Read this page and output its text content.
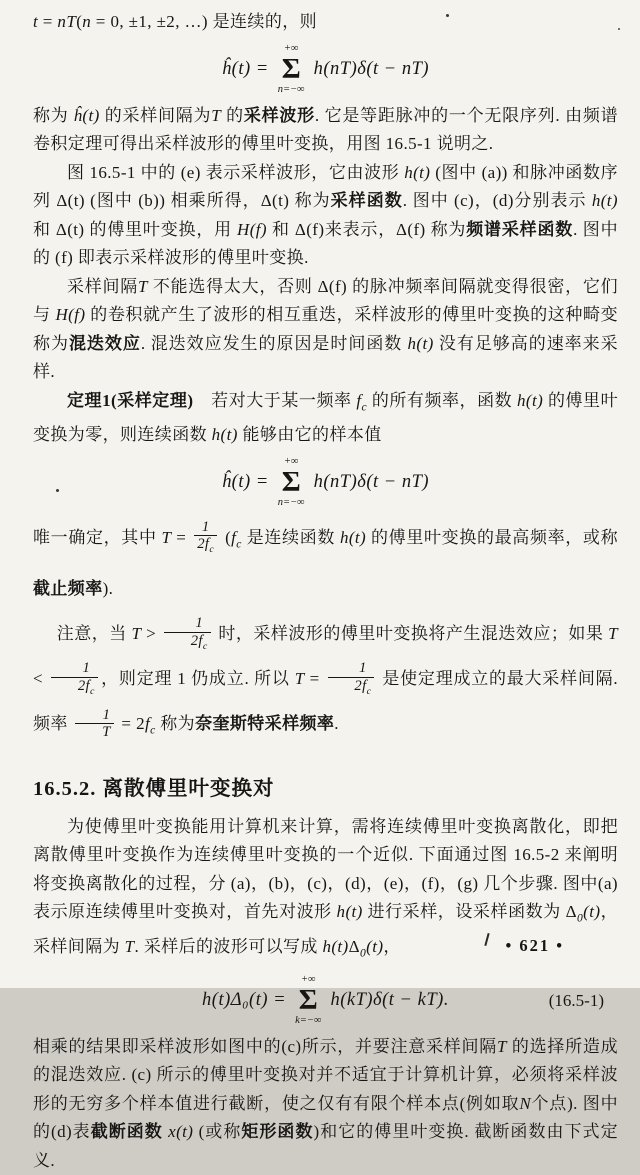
t = nT(n = 0, ±1, ±2, …) 是连续的，则

ĥ(t) =
+∞
Σ
n=−∞
h(nT)δ(t − nT)

称为 ĥ(t) 的采样间隔为T 的采样波形. 它是等距脉冲的一个无限序列. 由频谱卷积定理可得出采样波形的傅里叶变换，用图 16.5-1 说明之.

图 16.5-1 中的 (e) 表示采样波形，它由波形 h(t) (图中 (a)) 和脉冲函数序列 Δ(t) (图中 (b)) 相乘所得，Δ(t) 称为采样函数. 图中 (c)，(d)分别表示 h(t) 和 Δ(t) 的傅里叶变换，用 H(f) 和 Δ(f)来表示，Δ(f) 称为频谱采样函数. 图中的 (f) 即表示采样波形的傅里叶变换.

采样间隔T 不能选得太大，否则 Δ(f) 的脉冲频率间隔就变得很密，它们与 H(f) 的卷积就产生了波形的相互重迭，采样波形的傅里叶变换的这种畸变称为混迭效应. 混迭效应发生的原因是时间函数 h(t) 没有足够高的速率来采样.

定理1(采样定理)　若对大于某一频率 $f_c$ 的所有频率，函数 h(t) 的傅里叶变换为零，则连续函数 h(t) 能够由它的样本值

ĥ(t) =
+∞
Σ
n=−∞
h(nT)δ(t − nT)

唯一确定，其中 $T = \frac{1}{2f_c} (f_c$ 是连续函数 h(t) 的傅里叶变换的最高频率，或称截止频率).

注意，当 $T > \frac{1}{2f_c}$ 时，采样波形的傅里叶变换将产生混迭效应；如果 $T < \frac{1}{2f_c}$ ，则定理 1 仍成立. 所以 $T = \frac{1}{2f_c}$ 是使定理成立的最大采样间隔. 频率 $\frac{1}{T} = 2f_c$ 称为奈奎斯特采样频率.

16.5.2. 离散傅里叶变换对

为使傅里叶变换能用计算机来计算，需将连续傅里叶变换离散化，即把离散傅里叶变换作为连续傅里叶变换的一个近似. 下面通过图 16.5-2 来阐明将变换离散化的过程，分 (a)，(b)，(c)，(d)，(e)，(f)，(g) 几个步骤. 图中(a)表示原连续傅里叶变换对，首先对波形 h(t) 进行采样，设采样函数为 $\Delta_0(t)$，采样间隔为 T. 采样后的波形可以写成 $h(t)\Delta_0(t)$，

h(t)Δ₀(t) =
+∞
Σ
k=−∞
h(kT)δ(t − kT).	(16.5-1)

相乘的结果即采样波形如图中的(c)所示，并要注意采样间隔T 的选择所造成的混迭效应. (c) 所示的傅里叶变换对并不适宜于计算机计算，必须将采样波形的无穷多个样本值进行截断，使之仅有有限个样本点(例如取N个点). 图中的(d)表截断函数 x(t) (或称矩形函数)和它的傅里叶变换. 截断函数由下式定义.

• 621 •
